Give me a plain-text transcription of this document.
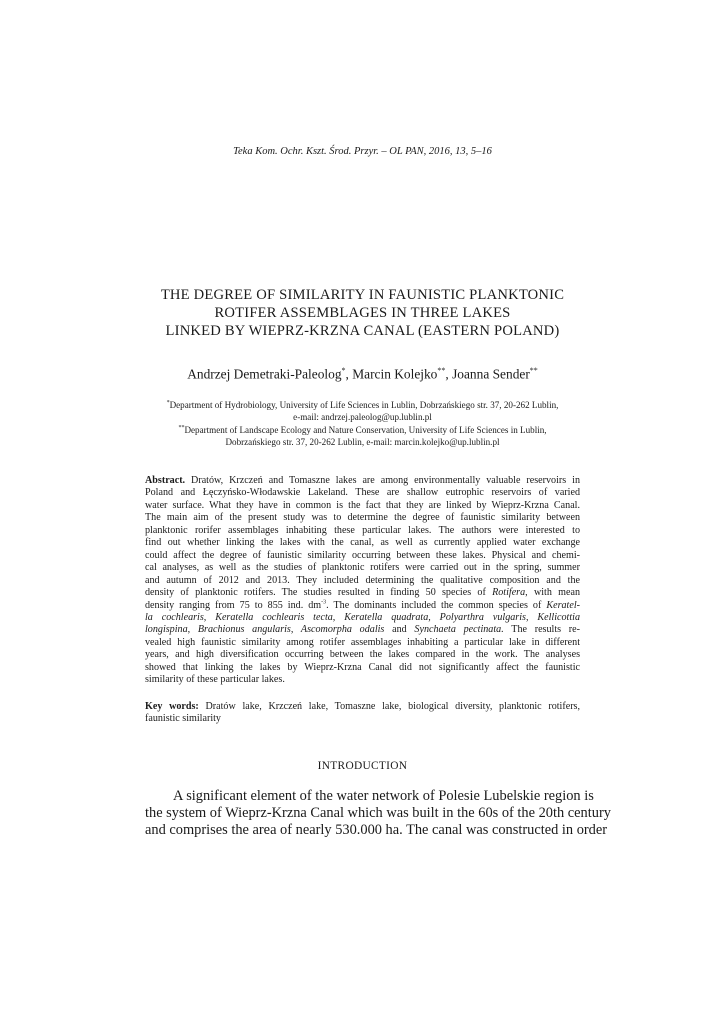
Teka Kom. Ochr. Kszt. Środ. Przyr. – OL PAN, 2016, 13, 5–16
THE DEGREE OF SIMILARITY IN FAUNISTIC PLANKTONIC
ROTIFER ASSEMBLAGES IN THREE LAKES
LINKED BY WIEPRZ-KRZNA CANAL (EASTERN POLAND)
Andrzej Demetraki-Paleolog*, Marcin Kolejko**, Joanna Sender**
*Department of Hydrobiology, University of Life Sciences in Lublin, Dobrzańskiego str. 37, 20-262 Lublin,
e-mail: andrzej.paleolog@up.lublin.pl
**Department of Landscape Ecology and Nature Conservation, University of Life Sciences in Lublin,
Dobrzańskiego str. 37, 20-262 Lublin, e-mail: marcin.kolejko@up.lublin.pl
Abstract. Dratów, Krzczeń and Tomaszne lakes are among environmentally valuable reservoirs in
Poland and Łęczyńsko-Włodawskie Lakeland. These are shallow eutrophic reservoirs of varied
water surface. What they have in common is the fact that they are linked by Wieprz-Krzna Canal.
The main aim of the present study was to determine the degree of faunistic similarity between
planktonic rorifer assemblages inhabiting these particular lakes. The authors were interested to
find out whether linking the lakes with the canal, as well as currently applied water exchange
could affect the degree of faunistic similarity occurring between these lakes. Physical and chemi-
cal analyses, as well as the studies of planktonic rotifers were carried out in the spring, summer
and autumn of 2012 and 2013. They included determining the qualitative composition and the
density of planktonic rotifers. The studies resulted in finding 50 species of Rotifera, with mean
density ranging from 75 to 855 ind. $dm^{-3}$. The dominants included the common species of Keratel-
la cochlearis, Keratella cochlearis tecta, Keratella quadrata, Polyarthra vulgaris, Kellicottia
longispina, Brachionus angularis, Ascomorpha odalis and Synchaeta pectinata. The results re-
vealed high faunistic similarity among rotifer assemblages inhabiting a particular lake in different
years, and high diversification occurring between the lakes compared in the work. The analyses
showed that linking the lakes by Wieprz-Krzna Canal did not significantly affect the faunistic
similarity of these particular lakes.
Key words: Dratów lake, Krzczeń lake, Tomaszne lake, biological diversity, planktonic rotifers,
faunistic similarity
INTRODUCTION
A significant element of the water network of Polesie Lubelskie region is
the system of Wieprz-Krzna Canal which was built in the 60s of the 20th century
and comprises the area of nearly 530.000 ha. The canal was constructed in order
